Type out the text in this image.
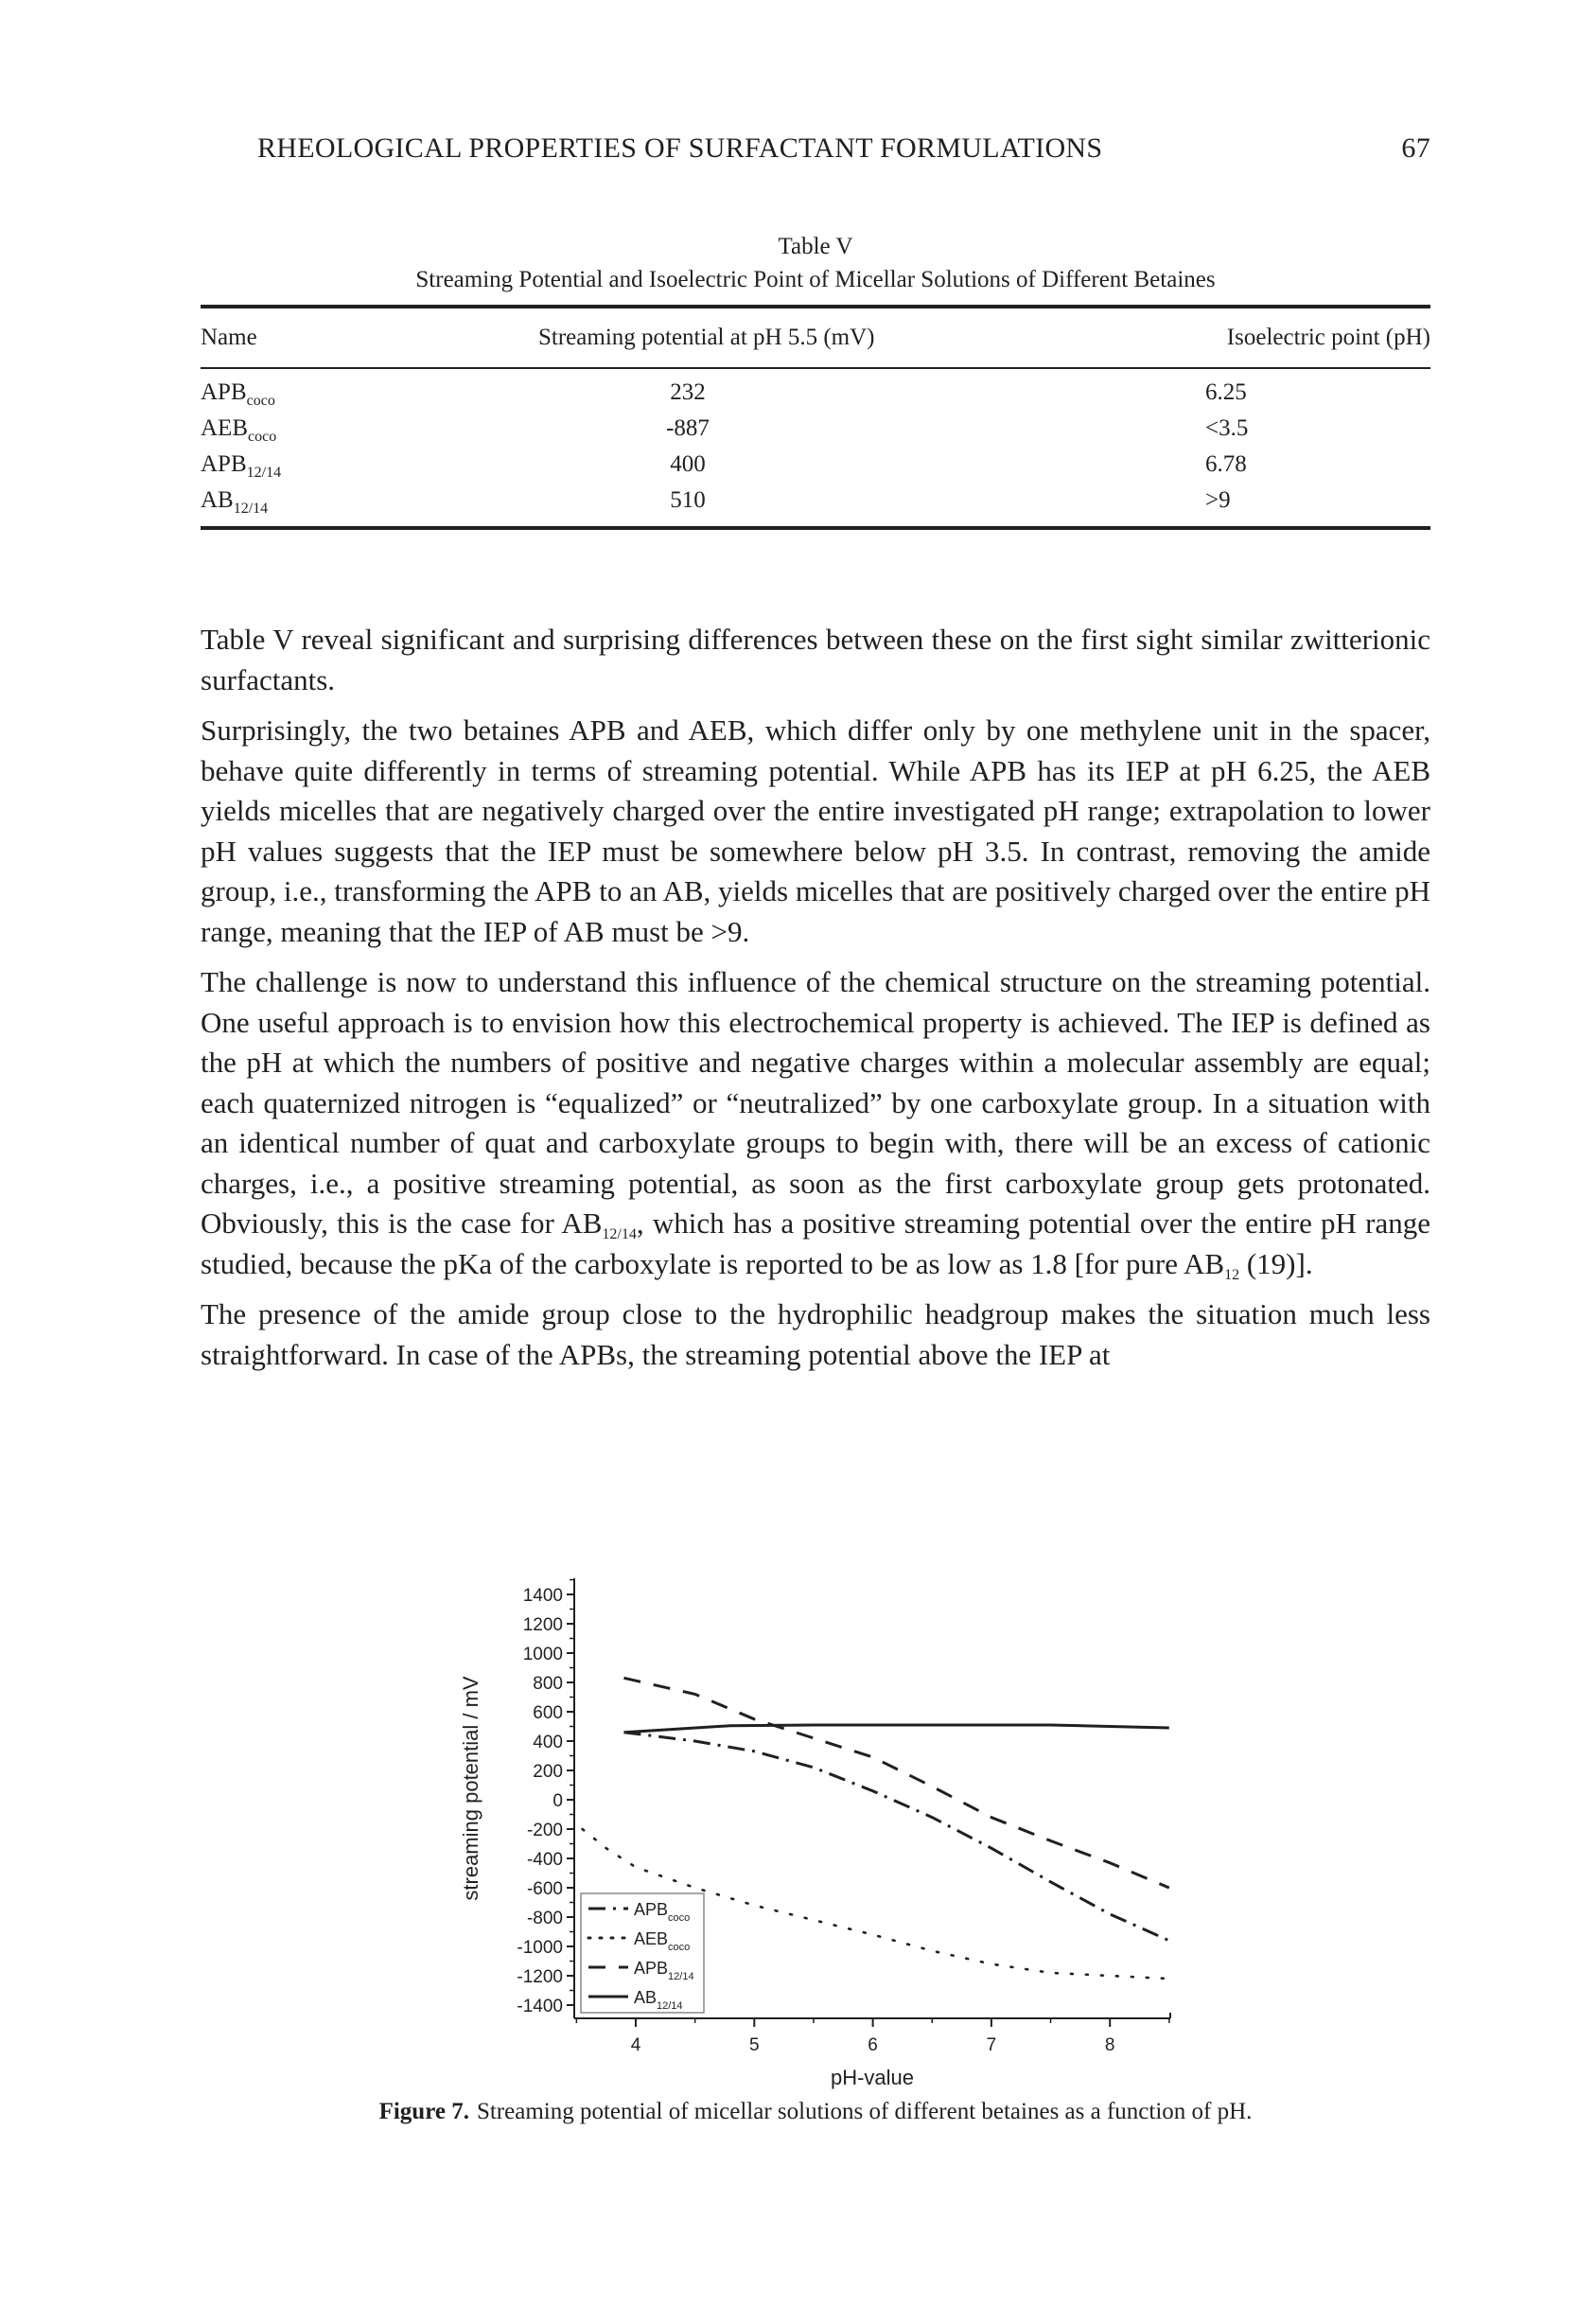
RHEOLOGICAL PROPERTIES OF SURFACTANT FORMULATIONS	67
Table V
Streaming Potential and Isoelectric Point of Micellar Solutions of Different Betaines
Name	Streaming potential at pH 5.5 (mV)	Isoelectric point (pH)
$APB_{coco}$	232	6.25
$AEB_{coco}$	-887	<3.5
$APB_{12/14}$	400	6.78
$AB_{12/14}$	510	>9

Table V reveal significant and surprising differences between these on the first sight similar zwitterionic surfactants.

Surprisingly, the two betaines APB and AEB, which differ only by one methylene unit in the spacer, behave quite differently in terms of streaming potential. While APB has its IEP at pH 6.25, the AEB yields micelles that are negatively charged over the entire investigated pH range; extrapolation to lower pH values suggests that the IEP must be somewhere below pH 3.5. In contrast, removing the amide group, i.e., transforming the APB to an AB, yields micelles that are positively charged over the entire pH range, meaning that the IEP of AB must be >9.

The challenge is now to understand this influence of the chemical structure on the streaming potential. One useful approach is to envision how this electrochemical property is achieved. The IEP is defined as the pH at which the numbers of positive and negative charges within a molecular assembly are equal; each quaternized nitrogen is “equalized” or “neutralized” by one carboxylate group. In a situation with an identical number of quat and carboxylate groups to begin with, there will be an excess of cationic charges, i.e., a positive streaming potential, as soon as the first carboxylate group gets protonated. Obviously, this is the case for $AB_{12/14}$, which has a positive streaming potential over the entire pH range studied, because the pKa of the carboxylate is reported to be as low as 1.8 [for pure $AB_{12}$ (19)].

The presence of the amide group close to the hydrophilic headgroup makes the situation much less straightforward. In case of the APBs, the streaming potential above the IEP at

1400
1200
1000
800
600
400
200
0
-200
-400
-600
-800
-1000
-1200
-1400
4	5	6	7	8
$APB_{coco}$
$AEB_{coco}$
$APB_{12/14}$
$AB_{12/14}$
streaming potential / mV
pH-value
Figure 7. Streaming potential of micellar solutions of different betaines as a function of pH.
